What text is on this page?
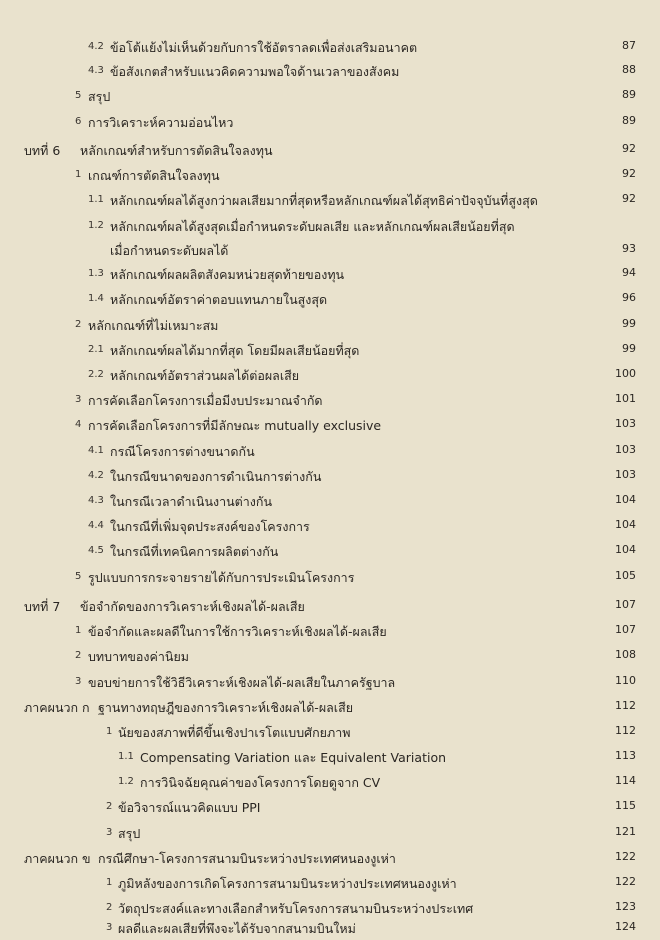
4.2 ข้อโต้แย้งไม่เห็นด้วยกับการใช้อัตราลดเพื่อส่งเสริมอนาคต	87
4.3 ข้อสังเกตสำหรับแนวคิดความพอใจด้านเวลาของสังคม	88
5 สรุป	89
6 การวิเคราะห์ความอ่อนไหว	89
บทที่ 6 หลักเกณฑ์สำหรับการตัดสินใจลงทุน	92
1 เกณฑ์การตัดสินใจลงทุน	92
1.1 หลักเกณฑ์ผลได้สูงกว่าผลเสียมากที่สุดหรือหลักเกณฑ์ผลได้สุทธิค่าปัจจุบันที่สูงสุด	92
1.2 หลักเกณฑ์ผลได้สูงสุดเมื่อกำหนดระดับผลเสีย และหลักเกณฑ์ผลเสียน้อยที่สุด
เมื่อกำหนดระดับผลได้	93
1.3 หลักเกณฑ์ผลผลิตสังคมหน่วยสุดท้ายของทุน	94
1.4 หลักเกณฑ์อัตราค่าตอบแทนภายในสูงสุด	96
2 หลักเกณฑ์ที่ไม่เหมาะสม	99
2.1 หลักเกณฑ์ผลได้มากที่สุด โดยมีผลเสียน้อยที่สุด	99
2.2 หลักเกณฑ์อัตราส่วนผลได้ต่อผลเสีย	100
3 การคัดเลือกโครงการเมื่อมีงบประมาณจำกัด	101
4 การคัดเลือกโครงการที่มีลักษณะ mutually exclusive	103
4.1 กรณีโครงการต่างขนาดกัน	103
4.2 ในกรณีขนาดของการดำเนินการต่างกัน	103
4.3 ในกรณีเวลาดำเนินงานต่างกัน	104
4.4 ในกรณีที่เพิ่มจุดประสงค์ของโครงการ	104
4.5 ในกรณีที่เทคนิคการผลิตต่างกัน	104
5 รูปแบบการกระจายรายได้กับการประเมินโครงการ	105
บทที่ 7 ข้อจำกัดของการวิเคราะห์เชิงผลได้-ผลเสีย	107
1 ข้อจำกัดและผลดีในการใช้การวิเคราะห์เชิงผลได้-ผลเสีย	107
2 บทบาทของค่านิยม	108
3 ขอบข่ายการใช้วิธีวิเคราะห์เชิงผลได้-ผลเสียในภาครัฐบาล	110
ภาคผนวก ก ฐานทางทฤษฎีของการวิเคราะห์เชิงผลได้-ผลเสีย	112
1 นัยของสภาพที่ดีขึ้นเชิงปาเรโตแบบศักยภาพ	112
1.1 Compensating Variation และ Equivalent Variation	113
1.2 การวินิจฉัยคุณค่าของโครงการโดยดูจาก CV	114
2 ข้อวิจารณ์แนวคิดแบบ PPI	115
3 สรุป	121
ภาคผนวก ข กรณีศึกษา-โครงการสนามบินระหว่างประเทศหนองงูเห่า	122
1 ภูมิหลังของการเกิดโครงการสนามบินระหว่างประเทศหนองงูเห่า	122
2 วัตถุประสงค์และทางเลือกสำหรับโครงการสนามบินระหว่างประเทศ	123
3 ผลดีและผลเสียที่พึงจะได้รับจากสนามบินใหม่	124
